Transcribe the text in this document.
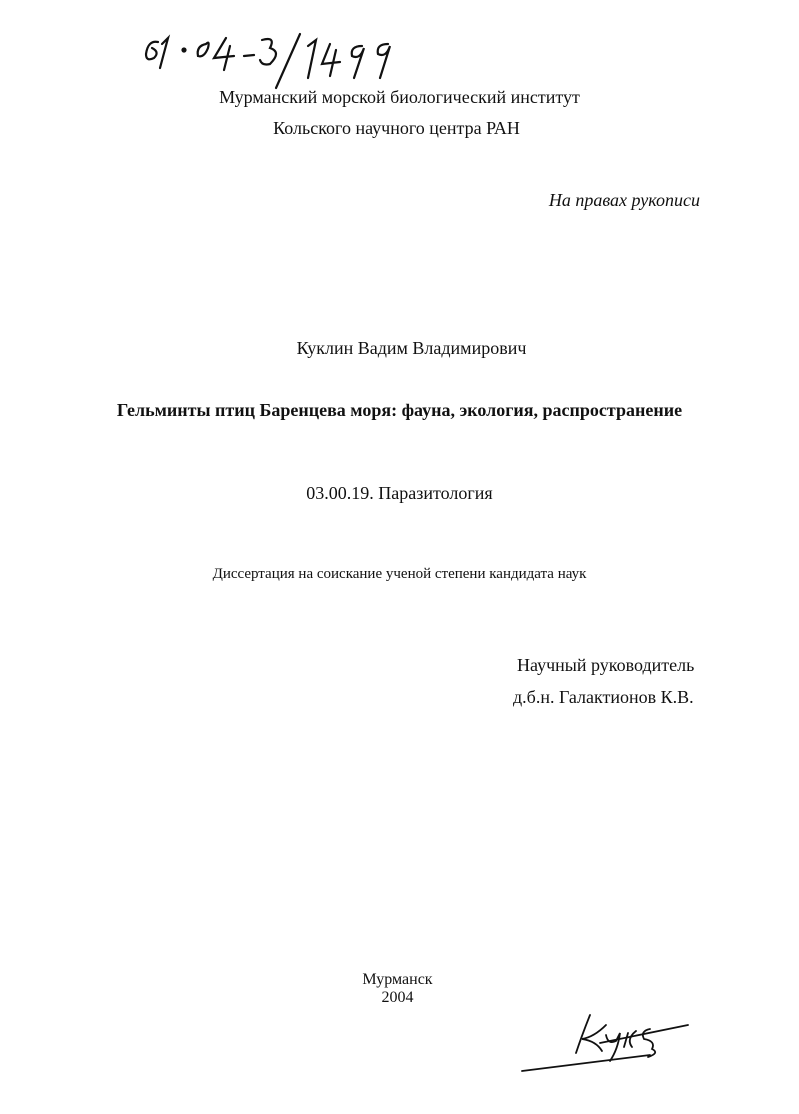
Мурманский морской биологический институт
Кольского научного центра РАН
На правах рукописи
Куклин Вадим Владимирович
Гельминты птиц Баренцева моря: фауна, экология, распространение
03.00.19. Паразитология
Диссертация на соискание ученой степени кандидата наук
Научный руководитель
д.б.н. Галактионов К.В.
Мурманск
2004
